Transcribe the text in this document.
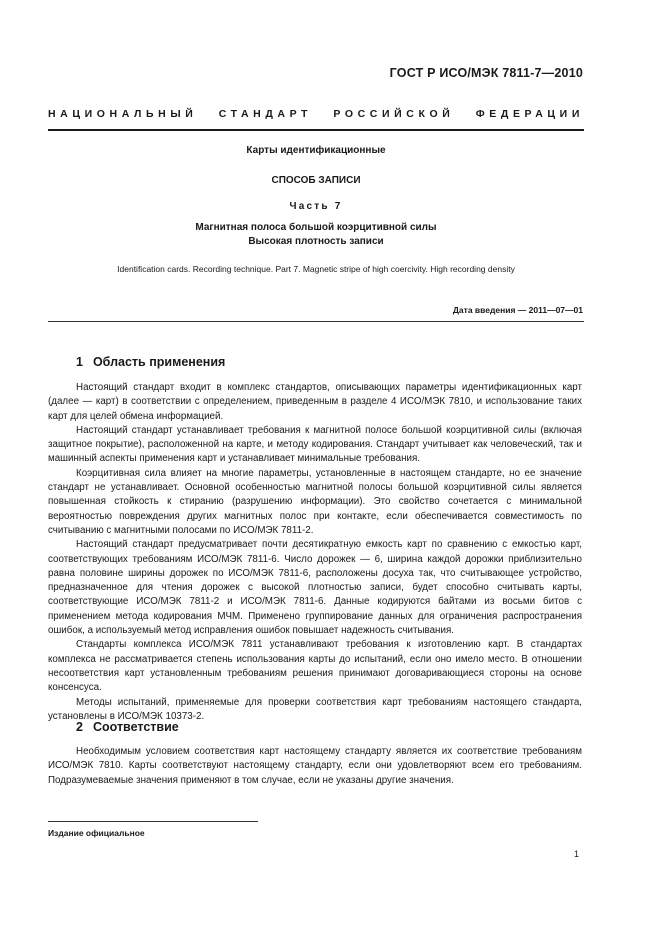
ГОСТ Р ИСО/МЭК 7811-7—2010
НАЦИОНАЛЬНЫЙ СТАНДАРТ РОССИЙСКОЙ ФЕДЕРАЦИИ
Карты идентификационные
СПОСОБ ЗАПИСИ
Часть 7
Магнитная полоса большой коэрцитивной силы
Высокая плотность записи
Identification cards. Recording technique. Part 7. Magnetic stripe of high coercivity. High recording density
Дата введения — 2011—07—01
1 Область применения

Настоящий стандарт входит в комплекс стандартов, описывающих параметры идентификационных карт (далее — карт) в соответствии с определением, приведенным в разделе 4 ИСО/МЭК 7810, и использование таких карт для целей обмена информацией.

Настоящий стандарт устанавливает требования к магнитной полосе большой коэрцитивной силы (включая защитное покрытие), расположенной на карте, и методу кодирования. Стандарт учитывает как человеческий, так и машинный аспекты применения карт и устанавливает минимальные требования.

Коэрцитивная сила влияет на многие параметры, установленные в настоящем стандарте, но ее значение стандарт не устанавливает. Основной особенностью магнитной полосы большой коэрцитивной силы является повышенная стойкость к стиранию (разрушению информации). Это свойство сочетается с минимальной вероятностью повреждения других магнитных полос при контакте, если обеспечивается совместимость по считыванию с магнитными полосами по ИСО/МЭК 7811-2.

Настоящий стандарт предусматривает почти десятикратную емкость карт по сравнению с емкостью карт, соответствующих требованиям ИСО/МЭК 7811-6. Число дорожек — 6, ширина каждой дорожки приблизительно равна половине ширины дорожек по ИСО/МЭК 7811-6, расположены досуха так, что считывающее устройство, предназначенное для чтения дорожек с высокой плотностью записи, будет способно считывать карты, соответствующие ИСО/МЭК 7811-2 и ИСО/МЭК 7811-6. Данные кодируются байтами из восьми битов с применением метода кодирования МЧМ. Применено группирование данных для ограничения распространения ошибок, а используемый метод исправления ошибок повышает надежность считывания.

Стандарты комплекса ИСО/МЭК 7811 устанавливают требования к изготовлению карт. В стандартах комплекса не рассматривается степень использования карты до испытаний, если оно имело место. В отношении несоответствия карт установленным требованиям решения принимают договаривающиеся стороны на основе консенсуса.

Методы испытаний, применяемые для проверки соответствия карт требованиям настоящего стандарта, установлены в ИСО/МЭК 10373-2.

2 Соответствие

Необходимым условием соответствия карт настоящему стандарту является их соответствие требованиям ИСО/МЭК 7810. Карты соответствуют настоящему стандарту, если они удовлетворяют всем его требованиям. Подразумеваемые значения применяют в том случае, если не указаны другие значения.

Издание официальное
1
